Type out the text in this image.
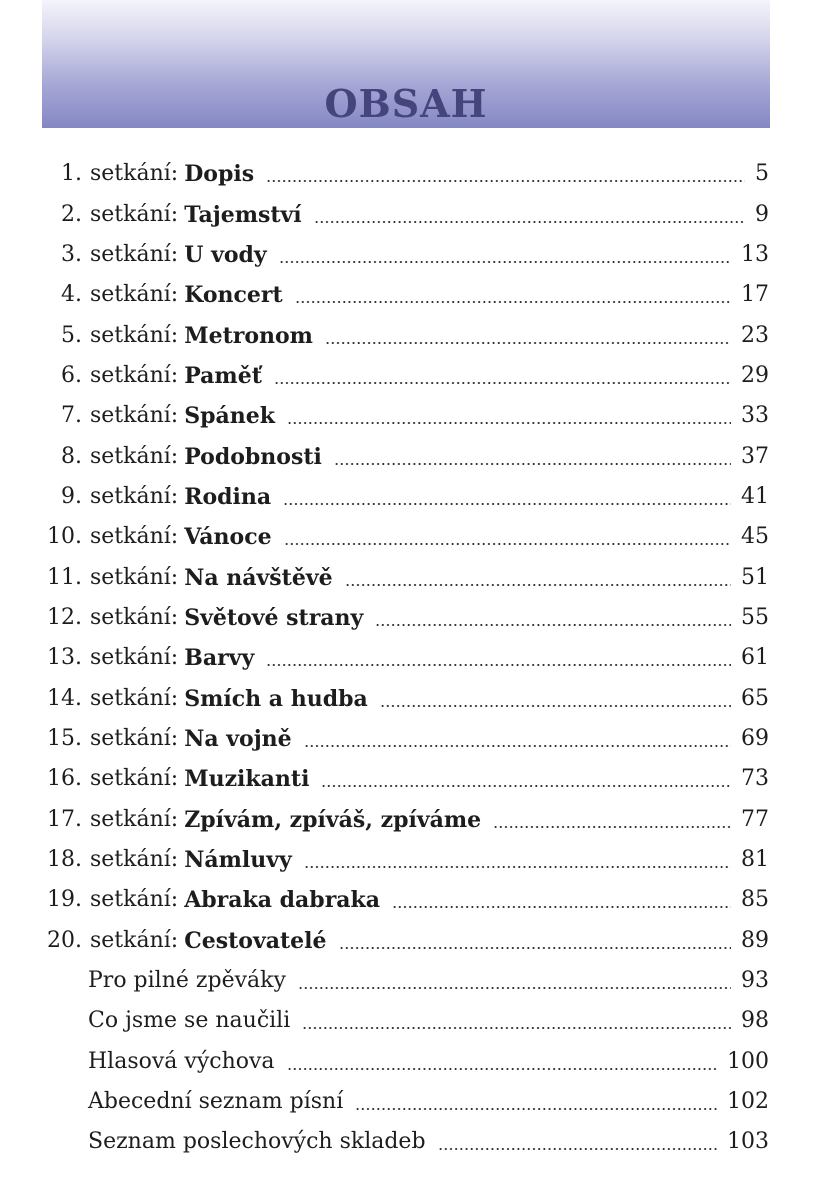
OBSAH
1. setkání: Dopis	5
2. setkání: Tajemství	9
3. setkání: U vody	13
4. setkání: Koncert	17
5. setkání: Metronom	23
6. setkání: Paměť	29
7. setkání: Spánek	33
8. setkání: Podobnosti	37
9. setkání: Rodina	41
10. setkání: Vánoce	45
11. setkání: Na návštěvě	51
12. setkání: Světové strany	55
13. setkání: Barvy	61
14. setkání: Smích a hudba	65
15. setkání: Na vojně	69
16. setkání: Muzikanti	73
17. setkání: Zpívám, zpíváš, zpíváme	77
18. setkání: Námluvy	81
19. setkání: Abraka dabraka	85
20. setkání: Cestovatelé	89
Pro pilné zpěváky	93
Co jsme se naučili	98
Hlasová výchova	100
Abecední seznam písní	102
Seznam poslechových skladeb	103
